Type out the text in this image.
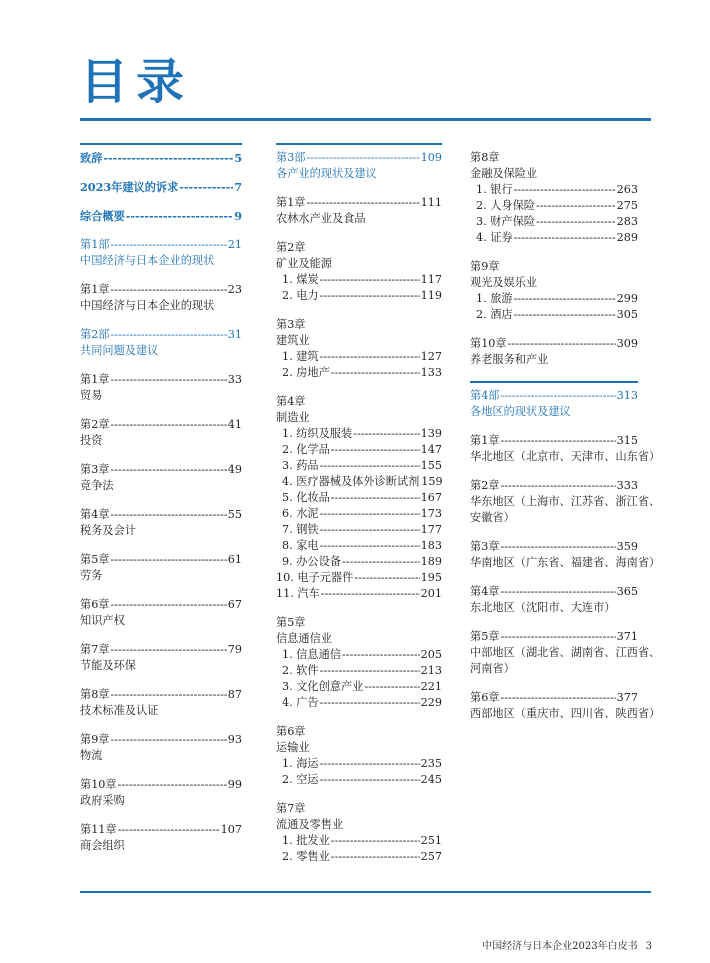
目录
致辞 -----	5
2023年建议的诉求 -----	7
综合概要 -----	9
第1部 -----	21
中国经济与日本企业的现状
第1章 -----	23
中国经济与日本企业的现状
第2部 -----	31
共同问题及建议
第1章 -----	33
贸易
第2章 -----	41
投资
第3章 -----	49
竞争法
第4章 -----	55
税务及会计
第5章 -----	61
劳务
第6章 -----	67
知识产权
第7章 -----	79
节能及环保
第8章 -----	87
技术标准及认证
第9章 -----	93
物流
第10章 -----	99
政府采购
第11章 -----	107
商会组织
第3部 -----	109
各产业的现状及建议
第1章 -----	111
农林水产业及食品
第2章
矿业及能源
1. 煤炭 -----	117
2. 电力 -----	119
第3章
建筑业
1. 建筑 -----	127
2. 房地产 -----	133
第4章
制造业
1. 纺织及服装 -----	139
2. 化学品 -----	147
3. 药品 -----	155
4. 医疗器械及体外诊断试剂 159
5. 化妆品 -----	167
6. 水泥 -----	173
7. 钢铁 -----	177
8. 家电 -----	183
9. 办公设备 -----	189
10. 电子元器件 -----	195
11. 汽车 -----	201
第5章
信息通信业
1. 信息通信 -----	205
2. 软件 -----	213
3. 文化创意产业 -----	221
4. 广告 -----	229
第6章
运输业
1. 海运 -----	235
2. 空运 -----	245
第7章
流通及零售业
1. 批发业 -----	251
2. 零售业 -----	257
第8章
金融及保险业
1. 银行 -----	263
2. 人身保险 -----	275
3. 财产保险 -----	283
4. 证券 -----	289
第9章
观光及娱乐业
1. 旅游 -----	299
2. 酒店 -----	305
第10章 -----	309
养老服务和产业
第4部 -----	313
各地区的现状及建议
第1章 -----	315
华北地区（北京市、天津市、山东省）
第2章 -----	333
华东地区（上海市、江苏省、浙江省、
安徽省）
第3章 -----	359
华南地区（广东省、福建省、海南省）
第4章 -----	365
东北地区（沈阳市、大连市）
第5章 -----	371
中部地区（湖北省、湖南省、江西省、
河南省）
第6章 -----	377
西部地区（重庆市、四川省、陕西省）
中国经济与日本企业2023年白皮书 3
